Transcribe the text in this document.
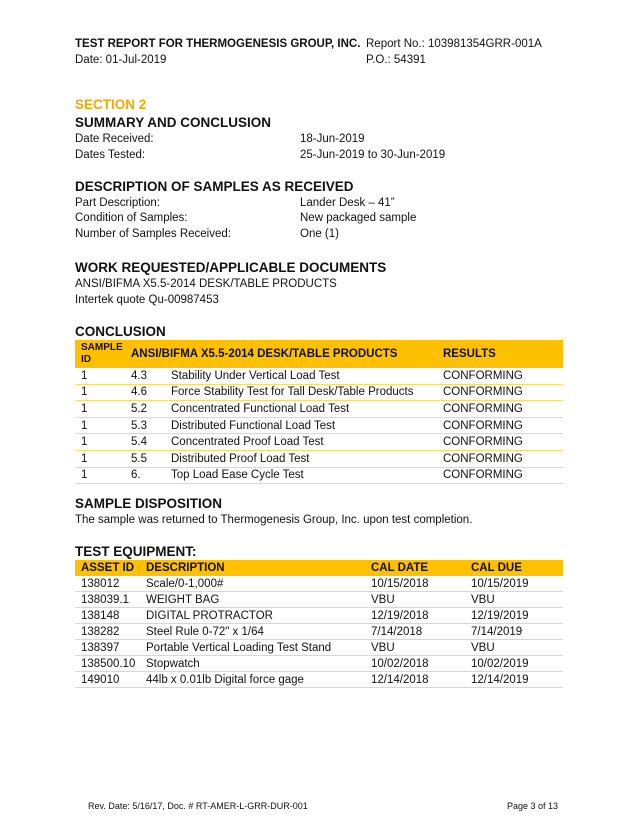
TEST REPORT FOR THERMOGENESIS GROUP, INC. Report No.: 103981354GRR-001A
Date: 01-Jul-2019	P.O.: 54391
SECTION 2
SUMMARY AND CONCLUSION
Date Received:	18-Jun-2019
Dates Tested:	25-Jun-2019 to 30-Jun-2019
DESCRIPTION OF SAMPLES AS RECEIVED
Part Description:	Lander Desk – 41”
Condition of Samples:	New packaged sample
Number of Samples Received:	One (1)
WORK REQUESTED/APPLICABLE DOCUMENTS
ANSI/BIFMA X5.5-2014 DESK/TABLE PRODUCTS
Intertek quote Qu-00987453
CONCLUSION
SAMPLE ID	ANSI/BIFMA X5.5-2014 DESK/TABLE PRODUCTS		RESULTS
1	4.3	Stability Under Vertical Load Test	CONFORMING
1	4.6	Force Stability Test for Tall Desk/Table Products	CONFORMING
1	5.2	Concentrated Functional Load Test	CONFORMING
1	5.3	Distributed Functional Load Test	CONFORMING
1	5.4	Concentrated Proof Load Test	CONFORMING
1	5.5	Distributed Proof Load Test	CONFORMING
1	6.	Top Load Ease Cycle Test	CONFORMING
SAMPLE DISPOSITION
The sample was returned to Thermogenesis Group, Inc. upon test completion.
TEST EQUIPMENT:
ASSET ID	DESCRIPTION	CAL DATE	CAL DUE
138012	Scale/0-1,000#	10/15/2018	10/15/2019
138039.1	WEIGHT BAG	VBU	VBU
138148	DIGITAL PROTRACTOR	12/19/2018	12/19/2019
138282	Steel Rule 0-72" x 1/64	7/14/2018	7/14/2019
138397	Portable Vertical Loading Test Stand	VBU	VBU
138500.10	Stopwatch	10/02/2018	10/02/2019
149010	44lb x 0.01lb Digital force gage	12/14/2018	12/14/2019
Rev. Date: 5/16/17, Doc. # RT-AMER-L-GRR-DUR-001	Page 3 of 13
